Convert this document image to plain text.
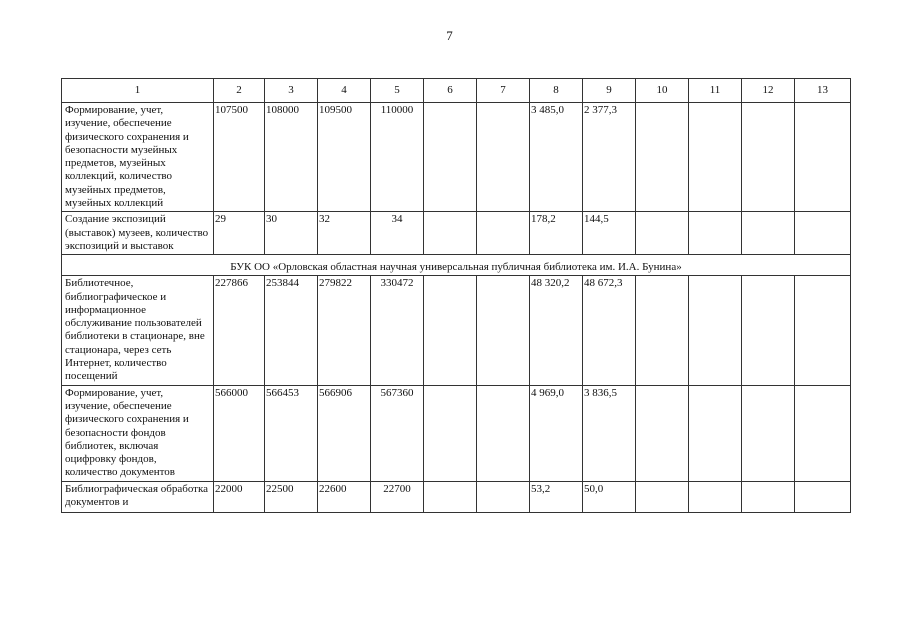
7
1	2	3	4	5	6	7	8	9	10	11	12	13
Формирование, учет, изучение, обеспечение физического сохранения и безопасности музейных предметов, музейных коллекций, количество музейных предметов, музейных коллекций	107500	108000	109500	110000			3 485,0	2 377,3				
Создание экспозиций (выставок) музеев, количество экспозиций и выставок	29	30	32	34			178,2	144,5				
БУК ОО «Орловская областная научная универсальная публичная библиотека им. И.А. Бунина»												
Библиотечное, библиографическое и информационное обслуживание пользователей библиотеки в стационаре, вне стационара, через сеть Интернет, количество посещений	227866	253844	279822	330472			48 320,2	48 672,3				
Формирование, учет, изучение, обеспечение физического сохранения и безопасности фондов библиотек, включая оцифровку фондов, количество документов	566000	566453	566906	567360			4 969,0	3 836,5				
Библиографическая обработка документов и	22000	22500	22600	22700			53,2	50,0				
